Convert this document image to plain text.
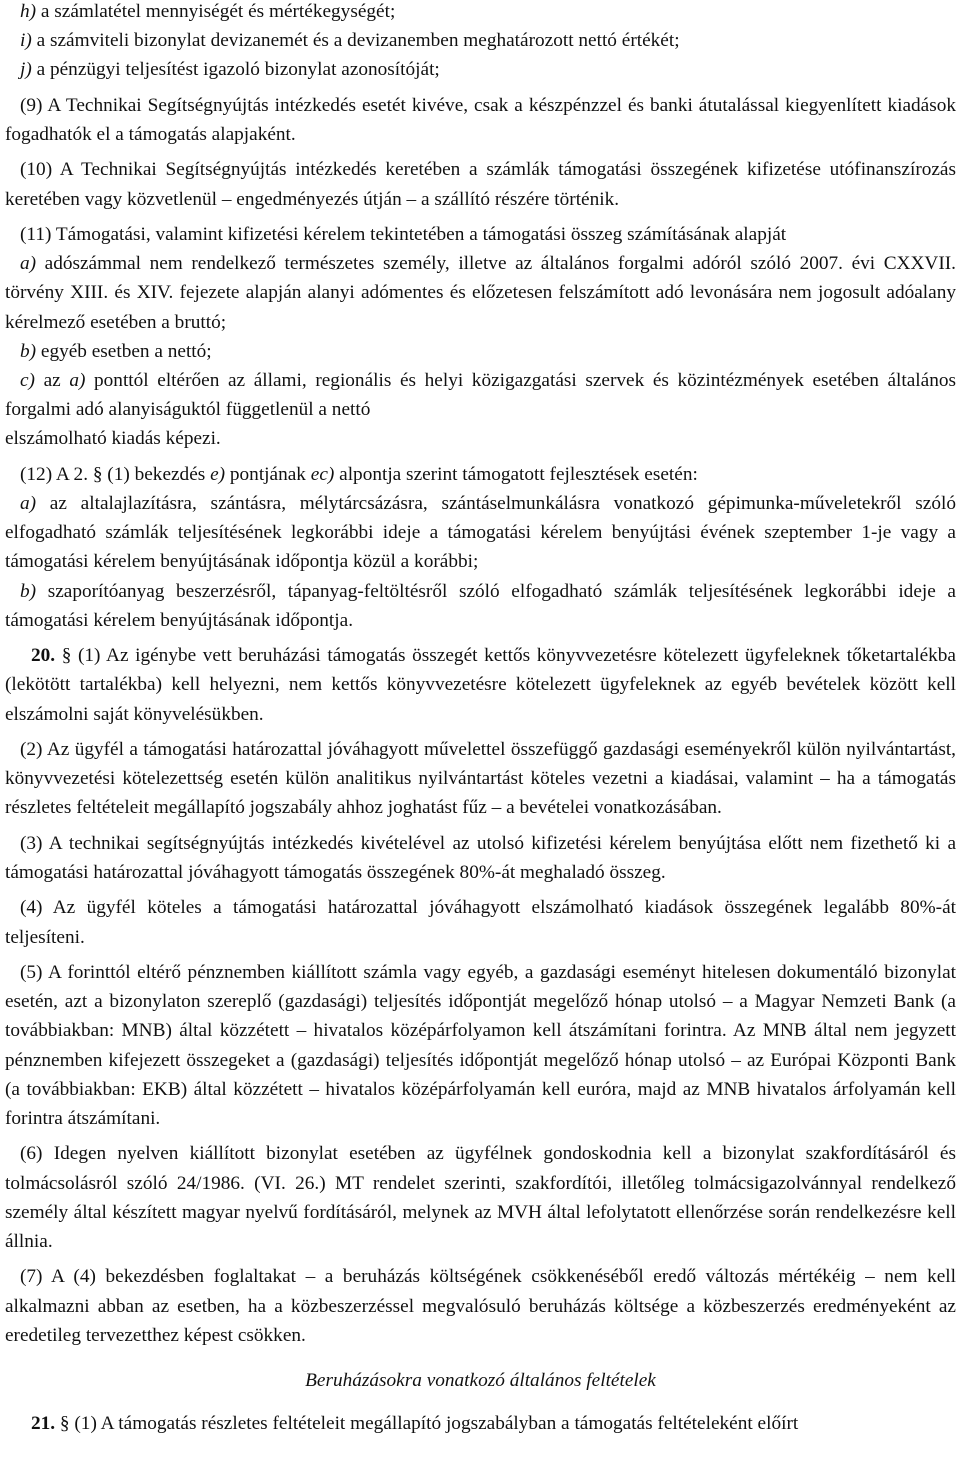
h) a számlatétel mennyiségét és mértékegységét;

i) a számviteli bizonylat devizanemét és a devizanemben meghatározott nettó értékét;

j) a pénzügyi teljesítést igazoló bizonylat azonosítóját;

(9) A Technikai Segítségnyújtás intézkedés esetét kivéve, csak a készpénzzel és banki átutalással kiegyenlített kiadások fogadhatók el a támogatás alapjaként.

(10) A Technikai Segítségnyújtás intézkedés keretében a számlák támogatási összegének kifizetése utófinanszírozás keretében vagy közvetlenül – engedményezés útján – a szállító részére történik.

(11) Támogatási, valamint kifizetési kérelem tekintetében a támogatási összeg számításának alapját

a) adószámmal nem rendelkező természetes személy, illetve az általános forgalmi adóról szóló 2007. évi CXXVII. törvény XIII. és XIV. fejezete alapján alanyi adómentes és előzetesen felszámított adó levonására nem jogosult adóalany kérelmező esetében a bruttó;

b) egyéb esetben a nettó;

c) az a) ponttól eltérően az állami, regionális és helyi közigazgatási szervek és közintézmények esetében általános forgalmi adó alanyiságuktól függetlenül a nettó

elszámolható kiadás képezi.

(12) A 2. § (1) bekezdés e) pontjának ec) alpontja szerint támogatott fejlesztések esetén:

a) az altalajlazításra, szántásra, mélytárcsázásra, szántáselmunkálásra vonatkozó gépimunka-műveletekről szóló elfogadható számlák teljesítésének legkorábbi ideje a támogatási kérelem benyújtási évének szeptember 1-je vagy a támogatási kérelem benyújtásának időpontja közül a korábbi;

b) szaporítóanyag beszerzésről, tápanyag-feltöltésről szóló elfogadható számlák teljesítésének legkorábbi ideje a támogatási kérelem benyújtásának időpontja.

20. § (1) Az igénybe vett beruházási támogatás összegét kettős könyvvezetésre kötelezett ügyfeleknek tőketartalékba (lekötött tartalékba) kell helyezni, nem kettős könyvvezetésre kötelezett ügyfeleknek az egyéb bevételek között kell elszámolni saját könyvelésükben.

(2) Az ügyfél a támogatási határozattal jóváhagyott művelettel összefüggő gazdasági eseményekről külön nyilvántartást, könyvvezetési kötelezettség esetén külön analitikus nyilvántartást köteles vezetni a kiadásai, valamint – ha a támogatás részletes feltételeit megállapító jogszabály ahhoz joghatást fűz – a bevételei vonatkozásában.

(3) A technikai segítségnyújtás intézkedés kivételével az utolsó kifizetési kérelem benyújtása előtt nem fizethető ki a támogatási határozattal jóváhagyott támogatás összegének 80%-át meghaladó összeg.

(4) Az ügyfél köteles a támogatási határozattal jóváhagyott elszámolható kiadások összegének legalább 80%-át teljesíteni.

(5) A forinttól eltérő pénznemben kiállított számla vagy egyéb, a gazdasági eseményt hitelesen dokumentáló bizonylat esetén, azt a bizonylaton szereplő (gazdasági) teljesítés időpontját megelőző hónap utolsó – a Magyar Nemzeti Bank (a továbbiakban: MNB) által közzétett – hivatalos középárfolyamon kell átszámítani forintra. Az MNB által nem jegyzett pénznemben kifejezett összegeket a (gazdasági) teljesítés időpontját megelőző hónap utolsó – az Európai Központi Bank (a továbbiakban: EKB) által közzétett – hivatalos középárfolyamán kell euróra, majd az MNB hivatalos árfolyamán kell forintra átszámítani.

(6) Idegen nyelven kiállított bizonylat esetében az ügyfélnek gondoskodnia kell a bizonylat szakfordításáról és tolmácsolásról szóló 24/1986. (VI. 26.) MT rendelet szerinti, szakfordítói, illetőleg tolmácsigazolvánnyal rendelkező személy által készített magyar nyelvű fordításáról, melynek az MVH által lefolytatott ellenőrzése során rendelkezésre kell állnia.

(7) A (4) bekezdésben foglaltakat – a beruházás költségének csökkenéséből eredő változás mértékéig – nem kell alkalmazni abban az esetben, ha a közbeszerzéssel megvalósuló beruházás költsége a közbeszerzés eredményeként az eredetileg tervezetthez képest csökken.

Beruházásokra vonatkozó általános feltételek

21. § (1) A támogatás részletes feltételeit megállapító jogszabályban a támogatás feltételeként előírt
